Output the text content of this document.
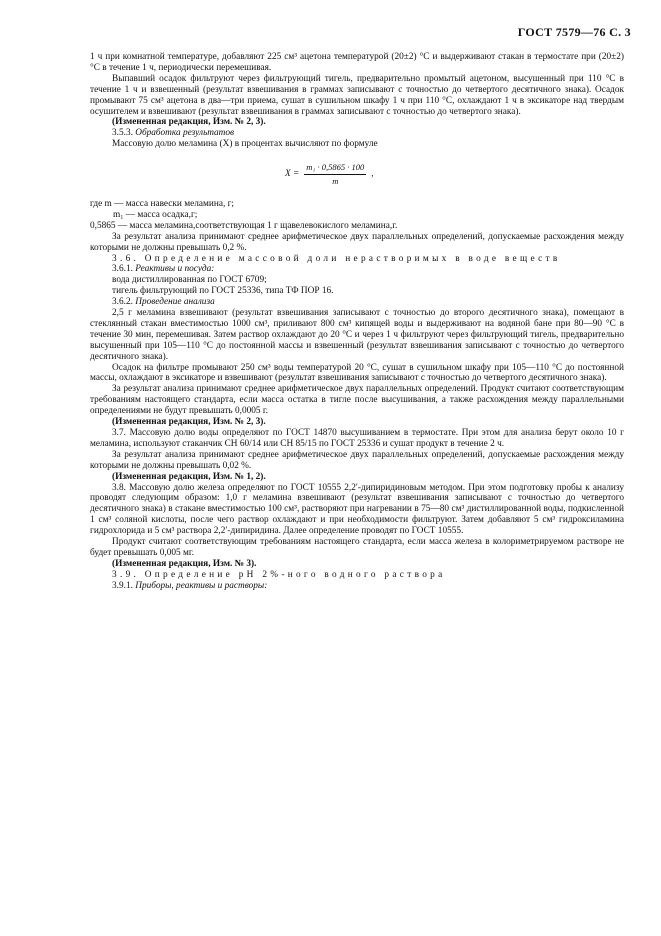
ГОСТ 7579—76 С. 3

1 ч при комнатной температуре, добавляют 225 см³ ацетона температурой (20±2) °С и выдерживают стакан в термостате при (20±2) °С в течение 1 ч, периодически перемешивая.

Выпавший осадок фильтруют через фильтрующий тигель, предварительно промытый ацетоном, высушенный при 110 °С в течение 1 ч и взвешенный (результат взвешивания в граммах записывают с точностью до четвертого десятичного знака). Осадок промывают 75 см³ ацетона в два—три приема, сушат в сушильном шкафу 1 ч при 110 °С, охлаждают 1 ч в эксикаторе над твердым осушителем и взвешивают (результат взвешивания в граммах записывают с точностью до четвертого знака).

(Измененная редакция, Изм. № 2, 3).

3.5.3. Обработка результатов

Массовую долю меламина (X) в процентах вычисляют по формуле

$X = \frac{\text{m₁ · 0,5865 · 100}}{m}$ ,

где m — масса навески меламина, г;

m₁ — масса осадка,г;

0,5865 — масса меламина,соответствующая 1 г щавелевокислого меламина,г.

За результат анализа принимают среднее арифметическое двух параллельных определений, допускаемые расхождения между которыми не должны превышать 0,2 %.

3.6. Определение массовой доли нерастворимых в воде веществ

3.6.1. Реактивы и посуда:

вода дистиллированная по ГОСТ 6709;

тигель фильтрующий по ГОСТ 25336, типа ТФ ПОР 16.

3.6.2. Проведение анализа

2,5 г меламина взвешивают (результат взвешивания записывают с точностью до второго десятичного знака), помещают в стеклянный стакан вместимостью 1000 см³, приливают 800 см³ кипящей воды и выдерживают на водяной бане при 80—90 °С в течение 30 мин, перемешивая. Затем раствор охлаждают до 20 °С и через 1 ч фильтруют через фильтрующий тигель, предварительно высушенный при 105—110 °С до постоянной массы и взвешенный (результат взвешивания записывают с точностью до четвертого десятичного знака).

Осадок на фильтре промывают 250 см³ воды температурой 20 °С, сушат в сушильном шкафу при 105—110 °С до постоянной массы, охлаждают в эксикаторе и взвешивают (результат взвешивания записывают с точностью до четвертого десятичного знака).

За результат анализа принимают среднее арифметическое двух параллельных определений. Продукт считают соответствующим требованиям настоящего стандарта, если масса остатка в тигле после высушивания, а также расхождения между параллельными определениями не будут превышать 0,0005 г.

(Измененная редакция, Изм. № 2, 3).

3.7. Массовую долю воды определяют по ГОСТ 14870 высушиванием в термостате. При этом для анализа берут около 10 г меламина, используют стаканчик СН 60/14 или СН 85/15 по ГОСТ 25336 и сушат продукт в течение 2 ч.

За результат анализа принимают среднее арифметическое двух параллельных определений, допускаемые расхождения между которыми не должны превышать 0,02 %.

(Измененная редакция, Изм. № 1, 2).

3.8. Массовую долю железа определяют по ГОСТ 10555 2,2′-дипиридиновым методом. При этом подготовку пробы к анализу проводят следующим образом: 1,0 г меламина взвешивают (результат взвешивания записывают с точностью до четвертого десятичного знака) в стакане вместимостью 100 см³, растворяют при нагревании в 75—80 см³ дистиллированной воды, подкисленной 1 см³ соляной кислоты, после чего раствор охлаждают и при необходимости фильтруют. Затем добавляют 5 см³ гидроксиламина гидрохлорида и 5 см³ раствора 2,2′-дипиридина. Далее определение проводят по ГОСТ 10555.

Продукт считают соответствующим требованиям настоящего стандарта, если масса железа в колориметрируемом растворе не будет превышать 0,005 мг.

(Измененная редакция, Изм. № 3).

3.9. Определение рН 2%-ного водного раствора

3.9.1. Приборы, реактивы и растворы:
